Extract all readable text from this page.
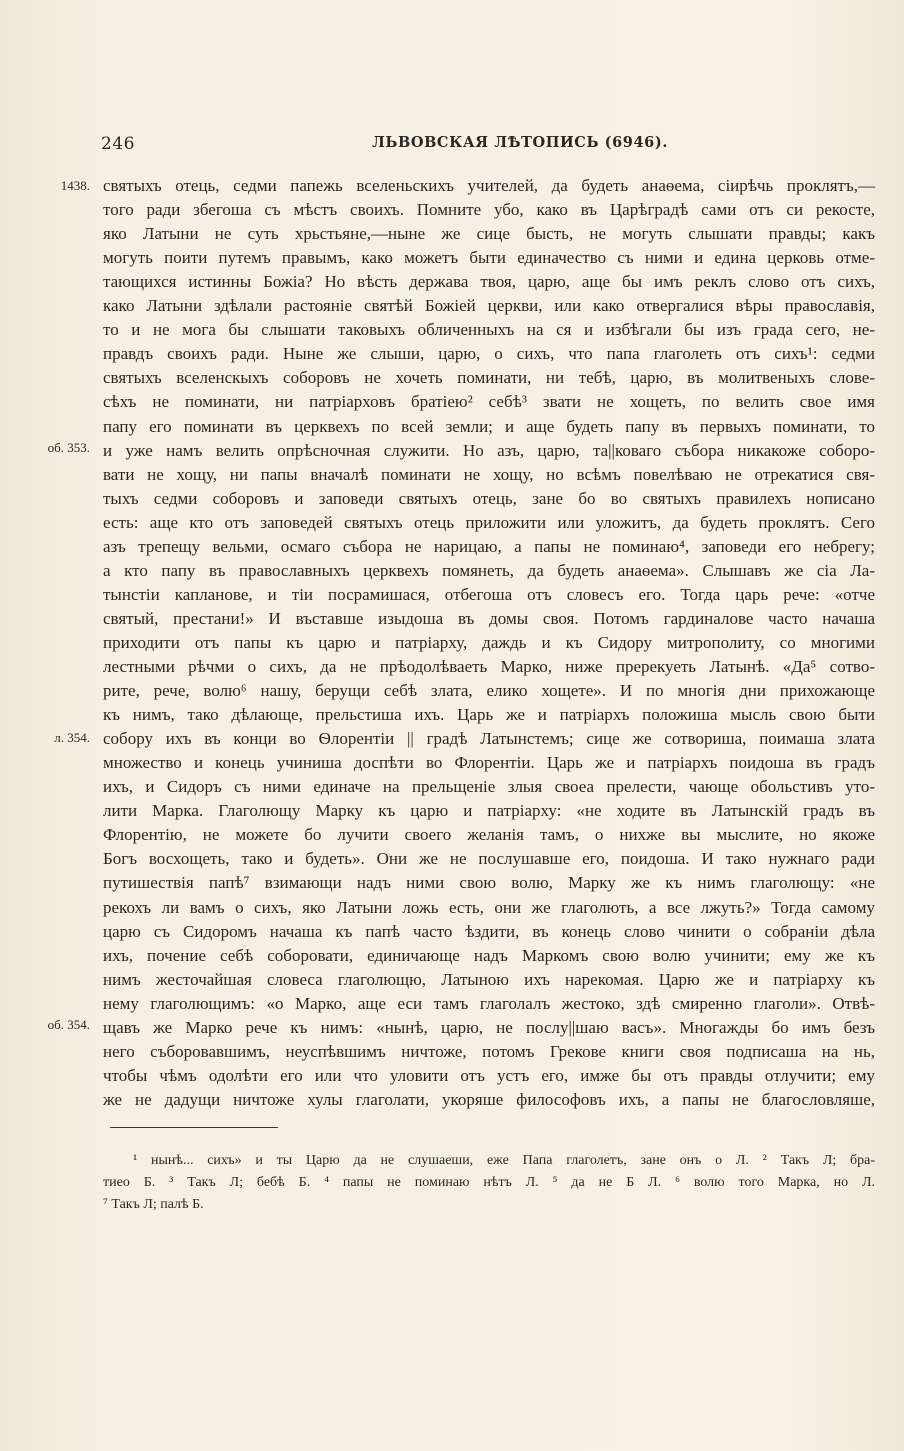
246	ЛЬВОВСКАЯ ЛѢТОПИСЬ (6946).
1438.
об. 353.
л. 354.
об. 354.
святыхъ отець, седми папежь вселеньскихъ учителей, да будеть анаѳема, сіирѣчь проклятъ,—
того ради збегоша съ мѣстъ своихъ. Помните убо, како въ Царѣградѣ сами отъ си рекосте,
яко Латыни не суть хрьстьяне,—ныне же сице бысть, не могуть слышати правды; какъ
могуть поити путемъ правымъ, како можетъ быти единачество съ ними и едина церковь отме-
тающихся истинны Божіа? Но вѣсть держава твоя, царю, аще бы имъ реклъ слово отъ сихъ,
како Латыни здѣлали растояніе святѣй Божіей церкви, или како отвергалися вѣры православія,
то и не мога бы слышати таковыхъ обличенныхъ на ся и избѣгали бы изъ града сего, не-
правдъ своихъ ради. Ныне же слыши, царю, о сихъ, что папа глаголеть отъ сихъ¹: седми
святыхъ вселенскыхъ соборовъ не хочеть поминати, ни тебѣ, царю, въ молитвеныхъ слове-
сѣхъ не поминати, ни патріарховъ братіею² себѣ³ звати не хощеть, по велить свое имя
папу его поминати въ церквехъ по всей земли; и аще будеть папу въ первыхъ поминати, то
и уже намъ велить опрѣсночная служити. Но азъ, царю, та||коваго събора никакоже соборо-
вати не хощу, ни папы вначалѣ поминати не хощу, но вcѣмъ повелѣваю не отрекатися свя-
тыхъ седми соборовъ и заповеди святыхъ отець, зане бо во святыхъ правилехъ нописано
есть: аще кто отъ заповедей святыхъ отець приложити или уложитъ, да будеть проклятъ. Сего
азъ трепещу вельми, осмаго събора не нарицаю, а папы не поминаю⁴, заповеди его небрегу;
а кто папу въ православныхъ церквехъ помянеть, да будеть анаѳема». Слышавъ же сіа Ла-
тынстіи каплановe, и тіи посрамишася, отбегоша отъ словесъ его. Тогда царь рече: «отче
святый, престани!» И въставше изыдоша въ домы своя. Потомъ гардиналове часто начаша
приходити отъ папы къ царю и патріарху, даждь и къ Сидору митрополиту, со многими
лестными рѣчми о сихъ, да не прѣодолѣваеть Марко, ниже пререкуеть Латынѣ. «Да⁵ сотво-
рите, рече, волю⁶ нашу, берущи себѣ злата, елико хощете». И по многія дни прихожающе
къ нимъ, тако дѣлающе, прельстиша ихъ. Царь же и патріархъ положиша мысль свою быти
собору ихъ въ конци во Ѳлорентіи || градѣ Латынстемъ; сице же сотвориша, поимаша злата
множество и конець учиниша доспѣти во Флорентіи. Царь же и патріархъ поидоша въ градъ
ихъ, и Сидоръ съ ними единаче на прельщеніе злыя своеа прелести, чающе обольстивъ уто-
лити Марка. Глаголющу Марку къ царю и патріарху: «не ходите въ Латынскій градъ въ
Флорентію, не можете бо лучити своего желанія тамъ, о нихже вы мыслите, но якоже
Богъ восхощеть, тако и будеть». Они же не послушавше его, поидоша. И тако нужнаго ради
путишествія папѣ⁷ взимающи надъ ними свою волю, Марку же къ нимъ глаголющу: «не
рекохъ ли вамъ о сихъ, яко Латыни ложь есть, они же глаголють, а все лжуть?» Тогда самому
царю съ Сидоромъ начаша къ папѣ часто ѣздити, въ конець слово чинити о собраніи дѣла
ихъ, почениe себѣ соборовати, единичающе надъ Маркомъ свою волю учинити; ему же къ
нимъ жесточайшая словеса глаголющю, Латыною ихъ нарекомая. Царю же и патріарху къ
нему глаголющимъ: «о Марко, аще еси тамъ глаголалъ жестоко, здѣ смиренно глаголи». Отвѣ-
щавъ же Марко рече къ нимъ: «нынѣ, царю, не послу||шаю васъ». Многажды бо имъ безъ
него съборовавшимъ, неуспѣвшимъ ничтоже, потомъ Грекове книги своя подписаша на нь,
чтобы чѣмъ одолѣти его или что уловити отъ устъ его, имже бы отъ правды отлучити; ему
же не дадущи ничтоже хулы глаголати, укоряше философовъ ихъ, а папы не благословляше,
¹ нынѣ... сихъ» и ты Царю да не слушаеши, еже Папа глаголетъ, зане онъ о Л. ² Такъ Л; бра-
тиео Б. ³ Такъ Л; бебѣ Б. ⁴ папы не поминаю нѣтъ Л. ⁵ да не Б Л. ⁶ волю того Марка, но Л.
⁷ Такъ Л; палѣ Б.
